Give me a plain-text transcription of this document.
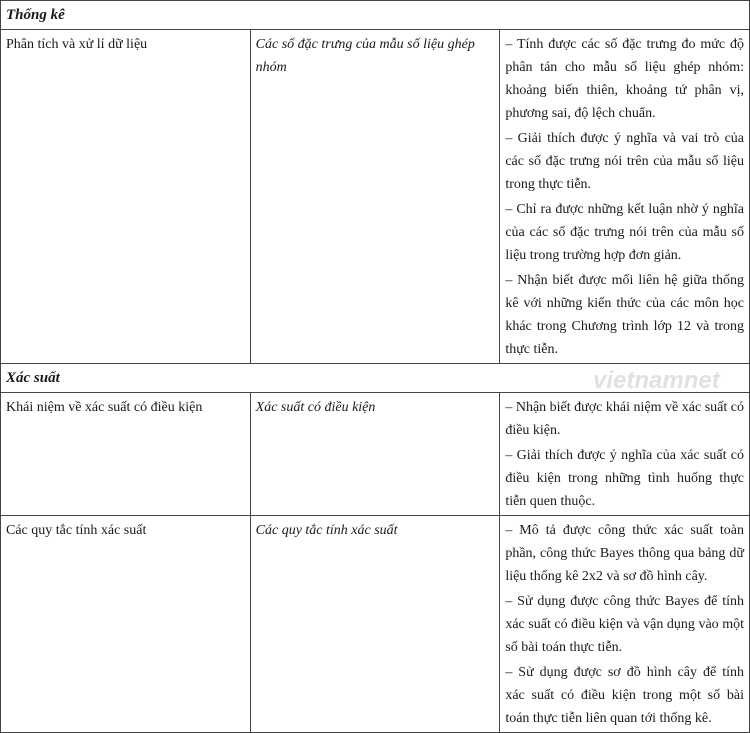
Thống kê		
Phân tích và xử lí dữ liệu	Các số đặc trưng của mẫu số liệu ghép nhóm	– Tính được các số đặc trưng đo mức độ phân tán cho mẫu số liệu ghép nhóm: khoảng biến thiên, khoảng tứ phân vị, phương sai, độ lệch chuẩn.
– Giải thích được ý nghĩa và vai trò của các số đặc trưng nói trên của mẫu số liệu trong thực tiễn.
– Chỉ ra được những kết luận nhờ ý nghĩa của các số đặc trưng nói trên của mẫu số liệu trong trường hợp đơn giản.
– Nhận biết được mối liên hệ giữa thống kê với những kiến thức của các môn học khác trong Chương trình lớp 12 và trong thực tiễn.

Xác suất		
Khái niệm về xác suất có điều kiện	Xác suất có điều kiện	– Nhận biết được khái niệm về xác suất có điều kiện.
– Giải thích được ý nghĩa của xác suất có điều kiện trong những tình huống thực tiễn quen thuộc.

Các quy tắc tính xác suất	Các quy tắc tính xác suất	– Mô tả được công thức xác suất toàn phần, công thức Bayes thông qua bảng dữ liệu thống kê 2x2 và sơ đồ hình cây.
– Sử dụng được công thức Bayes để tính xác suất có điều kiện và vận dụng vào một số bài toán thực tiễn.
– Sử dụng được sơ đồ hình cây để tính xác suất có điều kiện trong một số bài toán thực tiễn liên quan tới thống kê.
vietnamnet
